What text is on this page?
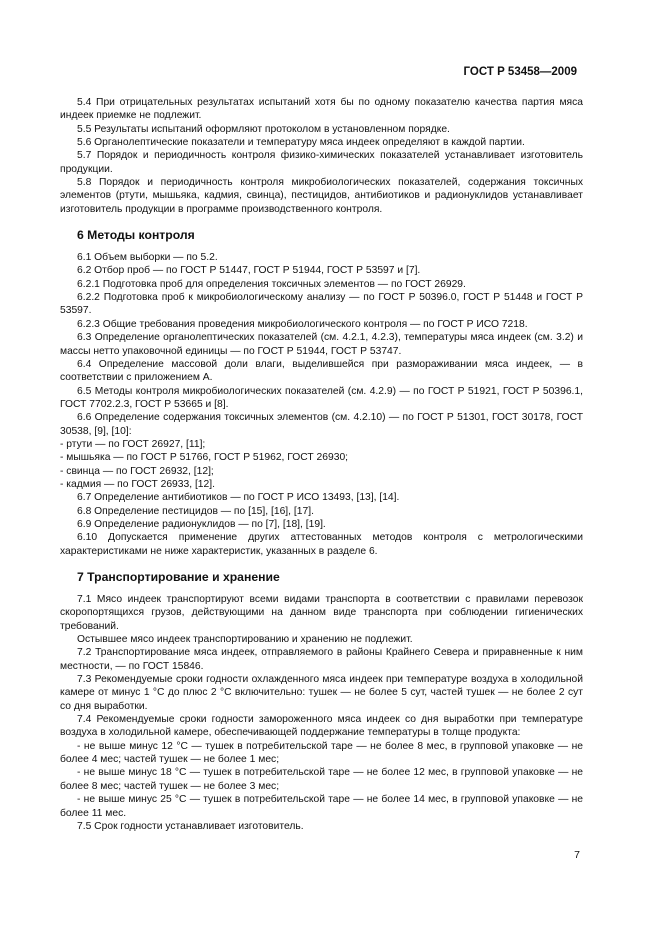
ГОСТ Р 53458—2009

5.4 При отрицательных результатах испытаний хотя бы по одному показателю качества партия мяса индеек приемке не подлежит.

5.5 Результаты испытаний оформляют протоколом в установленном порядке.

5.6 Органолептические показатели и температуру мяса индеек определяют в каждой партии.

5.7 Порядок и периодичность контроля физико-химических показателей устанавливает изготовитель продукции.

5.8 Порядок и периодичность контроля микробиологических показателей, содержания токсичных элементов (ртути, мышьяка, кадмия, свинца), пестицидов, антибиотиков и радионуклидов устанавливает изготовитель продукции в программе производственного контроля.

6 Методы контроля

6.1 Объем выборки — по 5.2.

6.2 Отбор проб — по ГОСТ Р 51447, ГОСТ Р 51944, ГОСТ Р 53597 и [7].

6.2.1 Подготовка проб для определения токсичных элементов — по ГОСТ 26929.

6.2.2 Подготовка проб к микробиологическому анализу — по ГОСТ Р 50396.0, ГОСТ Р 51448 и ГОСТ Р 53597.

6.2.3 Общие требования проведения микробиологического контроля — по ГОСТ Р ИСО 7218.

6.3 Определение органолептических показателей (см. 4.2.1, 4.2.3), температуры мяса индеек (см. 3.2) и массы нетто упаковочной единицы — по ГОСТ Р 51944, ГОСТ Р 53747.

6.4 Определение массовой доли влаги, выделившейся при размораживании мяса индеек, — в соответствии с приложением А.

6.5 Методы контроля микробиологических показателей (см. 4.2.9) — по ГОСТ Р 51921, ГОСТ Р 50396.1, ГОСТ 7702.2.3, ГОСТ Р 53665 и [8].

6.6 Определение содержания токсичных элементов (см. 4.2.10) — по ГОСТ Р 51301, ГОСТ 30178, ГОСТ 30538, [9], [10]:

- ртути — по ГОСТ 26927, [11];

- мышьяка — по ГОСТ Р 51766, ГОСТ Р 51962, ГОСТ 26930;

- свинца — по ГОСТ 26932, [12];

- кадмия — по ГОСТ 26933, [12].

6.7 Определение антибиотиков — по ГОСТ Р ИСО 13493, [13], [14].

6.8 Определение пестицидов — по [15], [16], [17].

6.9 Определение радионуклидов — по [7], [18], [19].

6.10 Допускается применение других аттестованных методов контроля с метрологическими характеристиками не ниже характеристик, указанных в разделе 6.

7 Транспортирование и хранение

7.1 Мясо индеек транспортируют всеми видами транспорта в соответствии с правилами перевозок скоропортящихся грузов, действующими на данном виде транспорта при соблюдении гигиенических требований.

Остывшее мясо индеек транспортированию и хранению не подлежит.

7.2 Транспортирование мяса индеек, отправляемого в районы Крайнего Севера и приравненные к ним местности, — по ГОСТ 15846.

7.3 Рекомендуемые сроки годности охлажденного мяса индеек при температуре воздуха в холодильной камере от минус 1 °C до плюс 2 °C включительно: тушек — не более 5 сут, частей тушек — не более 2 сут со дня выработки.

7.4 Рекомендуемые сроки годности замороженного мяса индеек со дня выработки при температуре воздуха в холодильной камере, обеспечивающей поддержание температуры в толще продукта:

- не выше минус 12 °C — тушек в потребительской таре — не более 8 мес, в групповой упаковке — не более 4 мес; частей тушек — не более 1 мес;

- не выше минус 18 °C — тушек в потребительской таре — не более 12 мес, в групповой упаковке — не более 8 мес; частей тушек — не более 3 мес;

- не выше минус 25 °C — тушек в потребительской таре — не более 14 мес, в групповой упаковке — не более 11 мес.

7.5 Срок годности устанавливает изготовитель.

7
